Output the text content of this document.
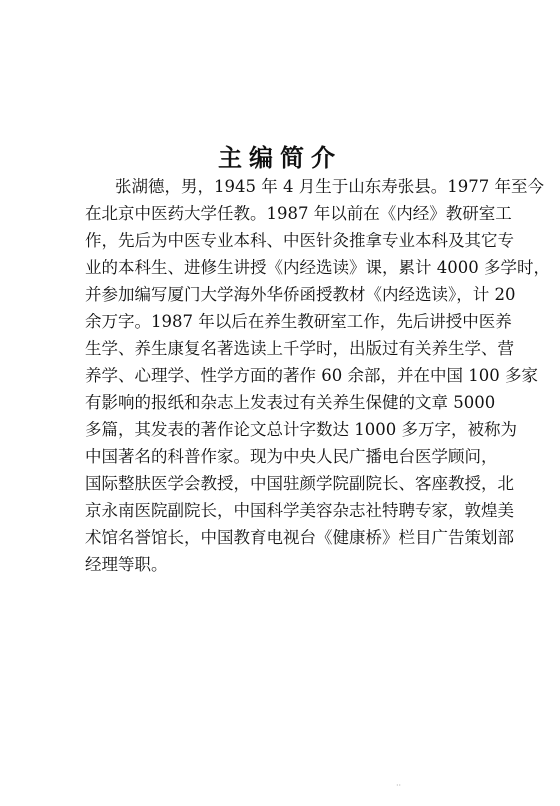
主编简介
张湖德，男，1945 年 4 月生于山东寿张县。1977 年至今
在北京中医药大学任教。1987 年以前在《内经》教研室工
作，先后为中医专业本科、中医针灸推拿专业本科及其它专
业的本科生、进修生讲授《内经选读》课，累计 4000 多学时，
并参加编写厦门大学海外华侨函授教材《内经选读》，计 20
余万字。1987 年以后在养生教研室工作，先后讲授中医养
生学、养生康复名著选读上千学时，出版过有关养生学、营
养学、心理学、性学方面的著作 60 余部，并在中国 100 多家
有影响的报纸和杂志上发表过有关养生保健的文章 5000
多篇，其发表的著作论文总计字数达 1000 多万字，被称为
中国著名的科普作家。现为中央人民广播电台医学顾问，
国际整肤医学会教授，中国驻颜学院副院长、客座教授，北
京永南医院副院长，中国科学美容杂志社特聘专家，敦煌美
术馆名誉馆长，中国教育电视台《健康桥》栏目广告策划部
经理等职。
··
